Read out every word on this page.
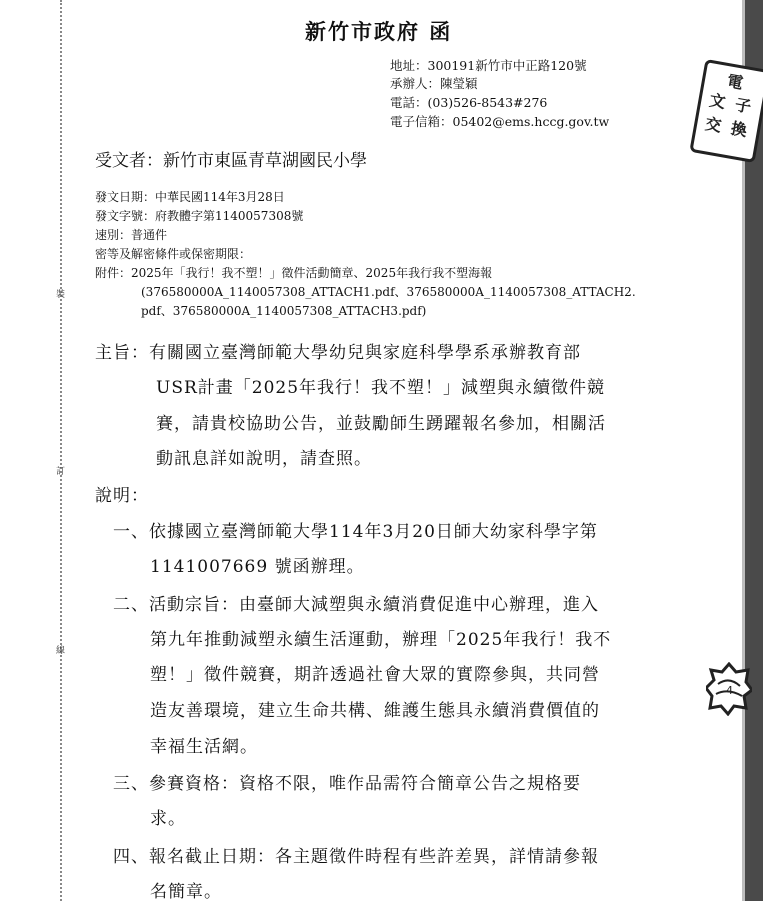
裝
訂
線
新竹市政府 函
地址：300191新竹市中正路120號
承辦人：陳瑩穎
電話：(03)526-8543#276
電子信箱：05402@ems.hccg.gov.tw
電
文 子
交 換
受文者：新竹市東區青草湖國民小學
發文日期：中華民國114年3月28日
發文字號：府教體字第1140057308號
速別：普通件
密等及解密條件或保密期限：
附件：2025年「我行！我不塑！」徵件活動簡章、2025年我行我不塑海報
(376580000A_1140057308_ATTACH1.pdf、376580000A_1140057308_ATTACH2.
pdf、376580000A_1140057308_ATTACH3.pdf)
主旨：有關國立臺灣師範大學幼兒與家庭科學學系承辦教育部
USR計畫「2025年我行！我不塑！」減塑與永續徵件競
賽，請貴校協助公告，並鼓勵師生踴躍報名參加，相關活
動訊息詳如說明，請查照。
說明：
一、依據國立臺灣師範大學114年3月20日師大幼家科學字第
1141007669 號函辦理。
二、活動宗旨：由臺師大減塑與永續消費促進中心辦理，進入
第九年推動減塑永續生活運動，辦理「2025年我行！我不
塑！」徵件競賽，期許透過社會大眾的實際參與，共同營
造友善環境，建立生命共構、維護生態具永續消費價值的
幸福生活網。
三、參賽資格：資格不限，唯作品需符合簡章公告之規格要
求。
四、報名截止日期：各主題徵件時程有些許差異，詳情請參報
名簡章。
4
